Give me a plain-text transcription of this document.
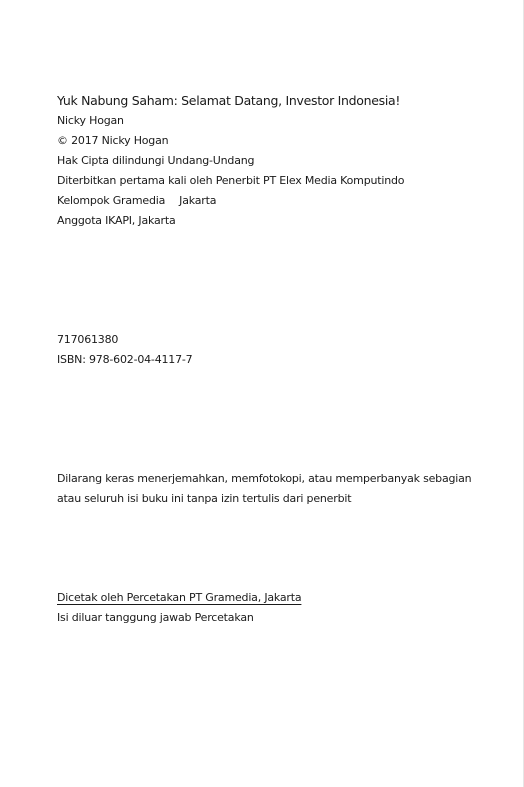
Yuk Nabung Saham: Selamat Datang, Investor Indonesia!
Nicky Hogan
© 2017 Nicky Hogan
Hak Cipta dilindungi Undang-Undang
Diterbitkan pertama kali oleh Penerbit PT Elex Media Komputindo
Kelompok Gramedia Jakarta
Anggota IKAPI, Jakarta
717061380
ISBN: 978-602-04-4117-7
Dilarang keras menerjemahkan, memfotokopi, atau memperbanyak sebagian
atau seluruh isi buku ini tanpa izin tertulis dari penerbit
Dicetak oleh Percetakan PT Gramedia, Jakarta
Isi diluar tanggung jawab Percetakan
